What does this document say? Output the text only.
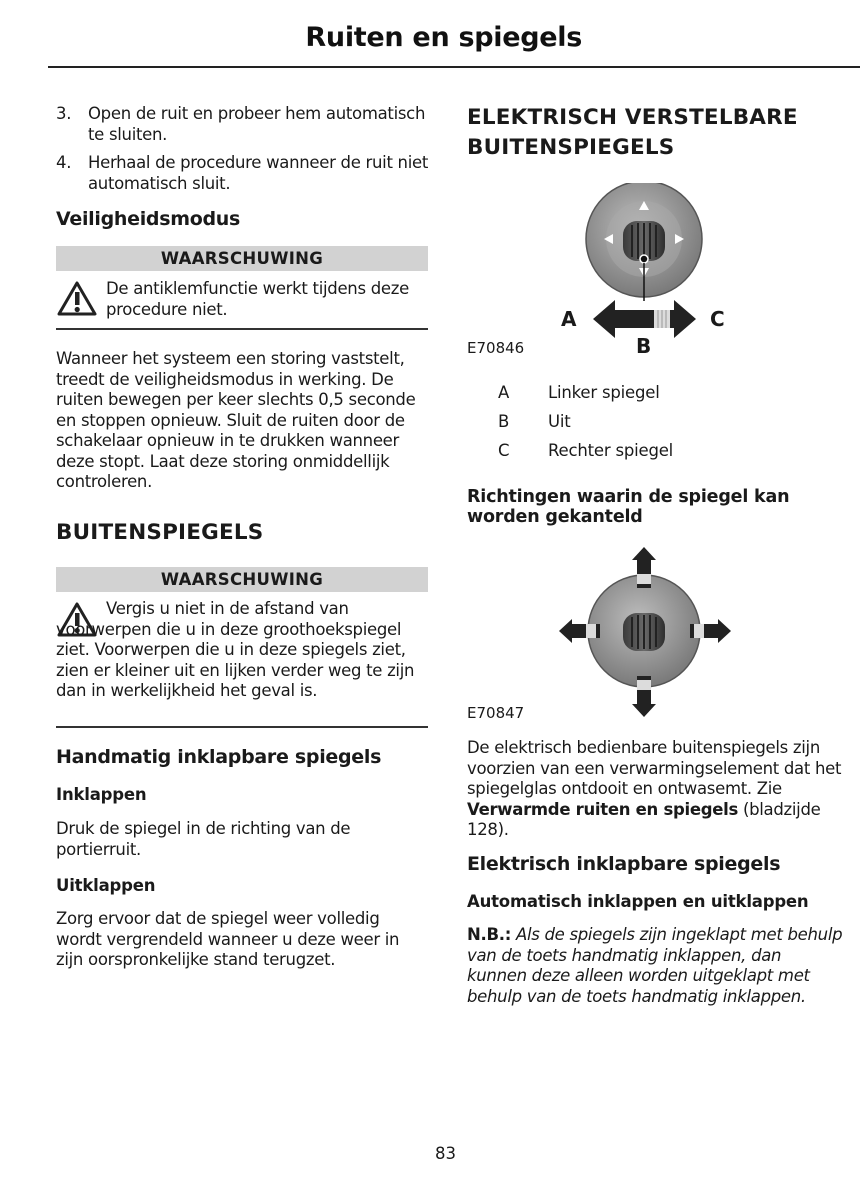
Ruiten en spiegels
3. Open de ruit en probeer hem automatisch te sluiten.
4. Herhaal de procedure wanneer de ruit niet automatisch sluit.
Veiligheidsmodus
WAARSCHUWING
De antiklemfunctie werkt tijdens deze procedure niet.

Wanneer het systeem een storing vaststelt, treedt de veiligheidsmodus in werking. De ruiten bewegen per keer slechts 0,5 seconde en stoppen opnieuw. Sluit de ruiten door de schakelaar opnieuw in te drukken wanneer deze stopt. Laat deze storing onmiddellijk controleren.

BUITENSPIEGELS
WAARSCHUWING
Vergis u niet in de afstand van voorwerpen die u in deze groothoekspiegel ziet. Voorwerpen die u in deze spiegels ziet, zien er kleiner uit en lijken verder weg te zijn dan in werkelijkheid het geval is.
Handmatig inklapbare spiegels
Inklappen

Druk de spiegel in de richting van de portierruit.

Uitklappen

Zorg ervoor dat de spiegel weer volledig wordt vergrendeld wanneer u deze weer in zijn oorspronkelijke stand terugzet.

ELEKTRISCH VERSTELBARE BUITENSPIEGELS
A	C
B
E70846
A Linker spiegel
B Uit
C Rechter spiegel
Richtingen waarin de spiegel kan worden gekanteld
E70847

De elektrisch bedienbare buitenspiegels zijn voorzien van een verwarmingselement dat het spiegelglas ontdooit en ontwasemt. Zie Verwarmde ruiten en spiegels (bladzijde 128).

Elektrisch inklapbare spiegels
Automatisch inklappen en uitklappen

N.B.: Als de spiegels zijn ingeklapt met behulp van de toets handmatig inklappen, dan kunnen deze alleen worden uitgeklapt met behulp van de toets handmatig inklappen.

83
